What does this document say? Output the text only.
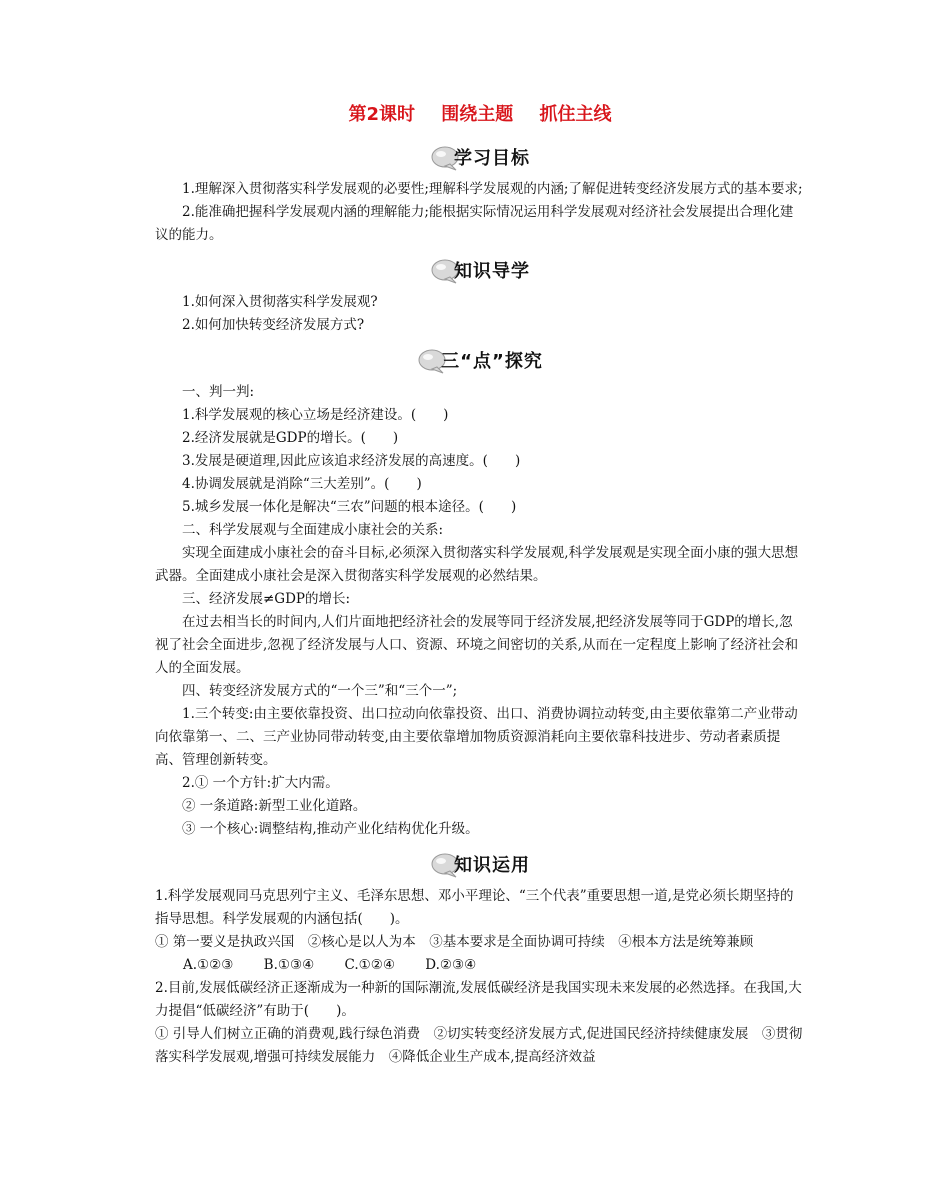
第2课时 围绕主题 抓住主线
学习目标

1.理解深入贯彻落实科学发展观的必要性;理解科学发展观的内涵;了解促进转变经济发展方式的基本要求;

2.能准确把握科学发展观内涵的理解能力;能根据实际情况运用科学发展观对经济社会发展提出合理化建议的能力。

知识导学

1.如何深入贯彻落实科学发展观?

2.如何加快转变经济发展方式?

三“点”探究

一、判一判:

1.科学发展观的核心立场是经济建设。(　　)

2.经济发展就是GDP的增长。(　　)

3.发展是硬道理,因此应该追求经济发展的高速度。(　　)

4.协调发展就是消除“三大差别”。(　　)

5.城乡发展一体化是解决“三农”问题的根本途径。(　　)

二、科学发展观与全面建成小康社会的关系:

实现全面建成小康社会的奋斗目标,必须深入贯彻落实科学发展观,科学发展观是实现全面小康的强大思想武器。全面建成小康社会是深入贯彻落实科学发展观的必然结果。

三、经济发展≠GDP的增长:

在过去相当长的时间内,人们片面地把经济社会的发展等同于经济发展,把经济发展等同于GDP的增长,忽视了社会全面进步,忽视了经济发展与人口、资源、环境之间密切的关系,从而在一定程度上影响了经济社会和人的全面发展。

四、转变经济发展方式的“一个三”和“三个一”;

1.三个转变:由主要依靠投资、出口拉动向依靠投资、出口、消费协调拉动转变,由主要依靠第二产业带动向依靠第一、二、三产业协同带动转变,由主要依靠增加物质资源消耗向主要依靠科技进步、劳动者素质提高、管理创新转变。

2.① 一个方针:扩大内需。

② 一条道路:新型工业化道路。

③ 一个核心:调整结构,推动产业化结构优化升级。

知识运用

1.科学发展观同马克思列宁主义、毛泽东思想、邓小平理论、“三个代表”重要思想一道,是党必须长期坚持的指导思想。科学发展观的内涵包括(　　)。

① 第一要义是执政兴国　②核心是以人为本　③基本要求是全面协调可持续　④根本方法是统筹兼顾

A.①②③ B.①③④ C.①②④ D.②③④

2.目前,发展低碳经济正逐渐成为一种新的国际潮流,发展低碳经济是我国实现未来发展的必然选择。在我国,大力提倡“低碳经济”有助于(　　)。

① 引导人们树立正确的消费观,践行绿色消费　②切实转变经济发展方式,促进国民经济持续健康发展　③贯彻落实科学发展观,增强可持续发展能力　④降低企业生产成本,提高经济效益
